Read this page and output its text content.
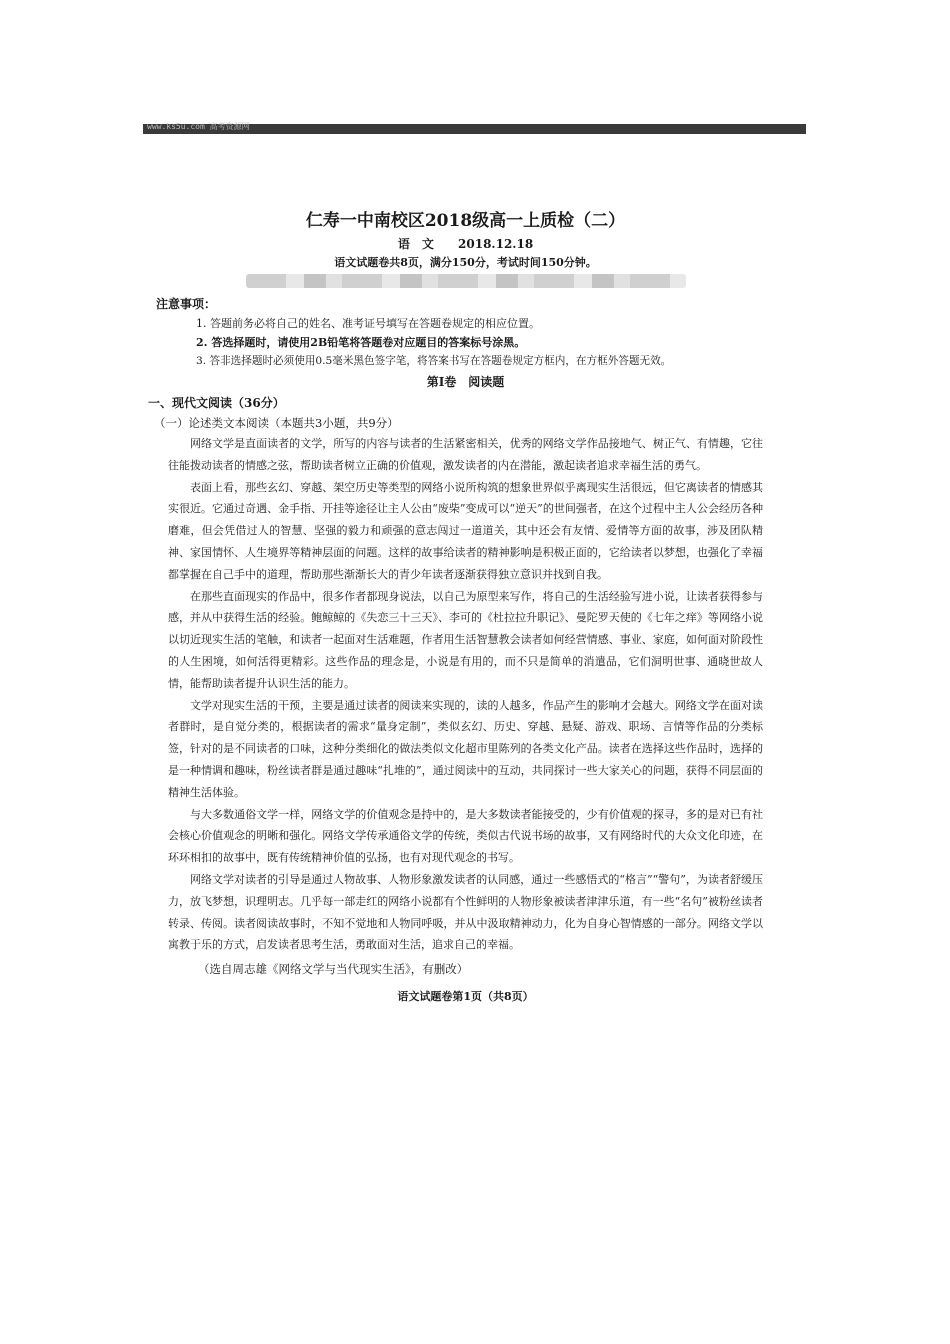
www.ks5u.com 高考资源网
仁寿一中南校区2018级高一上质检（二）
语　文 2018.12.18
语文试题卷共8页，满分150分，考试时间150分钟。
注意事项：
1. 答题前务必将自己的姓名、准考证号填写在答题卷规定的相应位置。
2. 答选择题时，请使用2B铅笔将答题卷对应题目的答案标号涂黑。
3. 答非选择题时必须使用0.5毫米黑色签字笔，将答案书写在答题卷规定方框内，在方框外答题无效。
第Ⅰ卷　阅读题
一、现代文阅读（36分）
（一）论述类文本阅读（本题共3小题，共9分）

网络文学是直面读者的文学，所写的内容与读者的生活紧密相关，优秀的网络文学作品接地气、树正气、有情趣，它往往能拨动读者的情感之弦，帮助读者树立正确的价值观，激发读者的内在潜能，激起读者追求幸福生活的勇气。

表面上看，那些玄幻、穿越、架空历史等类型的网络小说所构筑的想象世界似乎离现实生活很远，但它离读者的情感其实很近。它通过奇遇、金手指、开挂等途径让主人公由“废柴”变成可以“逆天”的世间强者，在这个过程中主人公会经历各种磨难，但会凭借过人的智慧、坚强的毅力和顽强的意志闯过一道道关，其中还会有友情、爱情等方面的故事，涉及团队精神、家国情怀、人生境界等精神层面的问题。这样的故事给读者的精神影响是积极正面的，它给读者以梦想，也强化了幸福都掌握在自己手中的道理，帮助那些渐渐长大的青少年读者逐渐获得独立意识并找到自我。

在那些直面现实的作品中，很多作者都现身说法，以自己为原型来写作，将自己的生活经验写进小说，让读者获得参与感，并从中获得生活的经验。鲍鲸鲸的《失恋三十三天》、李可的《杜拉拉升职记》、曼陀罗天使的《七年之痒》等网络小说以切近现实生活的笔触，和读者一起面对生活难题，作者用生活智慧教会读者如何经营情感、事业、家庭，如何面对阶段性的人生困境，如何活得更精彩。这些作品的理念是，小说是有用的，而不只是简单的消遣品，它们洞明世事、通晓世故人情，能帮助读者提升认识生活的能力。

文学对现实生活的干预，主要是通过读者的阅读来实现的，读的人越多，作品产生的影响才会越大。网络文学在面对读者群时，是自觉分类的，根据读者的需求“量身定制”，类似玄幻、历史、穿越、悬疑、游戏、职场、言情等作品的分类标签，针对的是不同读者的口味，这种分类细化的做法类似文化超市里陈列的各类文化产品。读者在选择这些作品时，选择的是一种情调和趣味，粉丝读者群是通过趣味“扎堆的”，通过阅读中的互动，共同探讨一些大家关心的问题，获得不同层面的精神生活体验。

与大多数通俗文学一样，网络文学的价值观念是持中的，是大多数读者能接受的，少有价值观的探寻，多的是对已有社会核心价值观念的明晰和强化。网络文学传承通俗文学的传统，类似古代说书场的故事，又有网络时代的大众文化印迹，在环环相扣的故事中，既有传统精神价值的弘扬，也有对现代观念的书写。

网络文学对读者的引导是通过人物故事、人物形象激发读者的认同感，通过一些感悟式的“格言”“警句”，为读者舒缓压力，放飞梦想，识理明志。几乎每一部走红的网络小说都有个性鲜明的人物形象被读者津津乐道，有一些“名句”被粉丝读者转录、传阅。读者阅读故事时，不知不觉地和人物同呼吸，并从中汲取精神动力，化为自身心智情感的一部分。网络文学以寓教于乐的方式，启发读者思考生活，勇敢面对生活，追求自己的幸福。

（选自周志雄《网络文学与当代现实生活》，有删改）
语文试题卷第1页（共8页）
